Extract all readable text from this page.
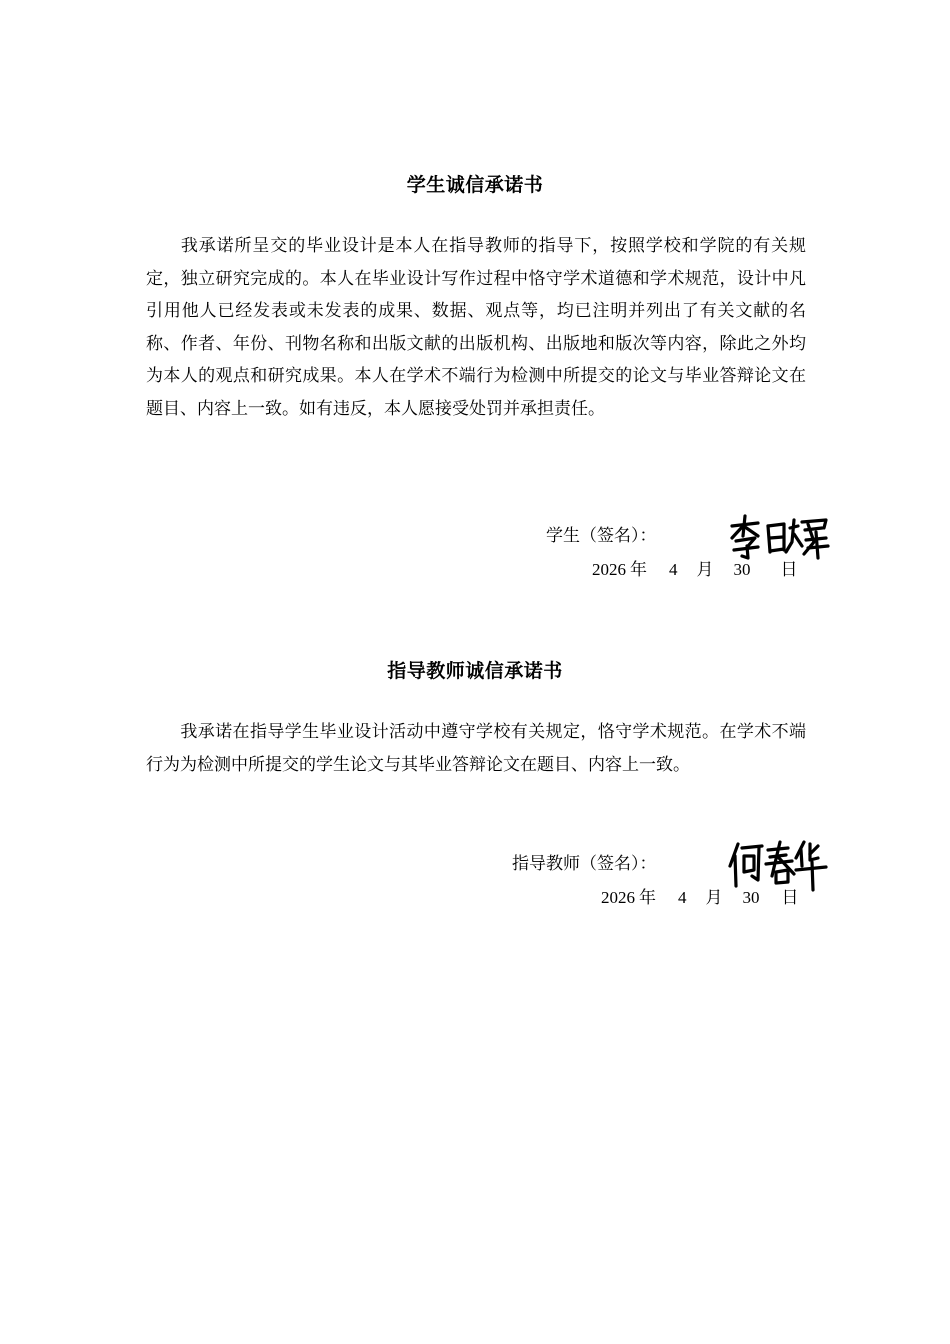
学生诚信承诺书
我承诺所呈交的毕业设计是本人在指导教师的指导下，按照学校和学院的有关规定，独立研究完成的。本人在毕业设计写作过程中恪守学术道德和学术规范，设计中凡引用他人已经发表或未发表的成果、数据、观点等，均已注明并列出了有关文献的名称、作者、年份、刊物名称和出版文献的出版机构、出版地和版次等内容，除此之外均为本人的观点和研究成果。本人在学术不端行为检测中所提交的论文与毕业答辩论文在题目、内容上一致。如有违反，本人愿接受处罚并承担责任。
学生（签名）：
2026 年 4 月 30 日
指导教师诚信承诺书
我承诺在指导学生毕业设计活动中遵守学校有关规定，恪守学术规范。在学术不端行为为检测中所提交的学生论文与其毕业答辩论文在题目、内容上一致。
指导教师（签名）：
2026 年 4 月 30 日
